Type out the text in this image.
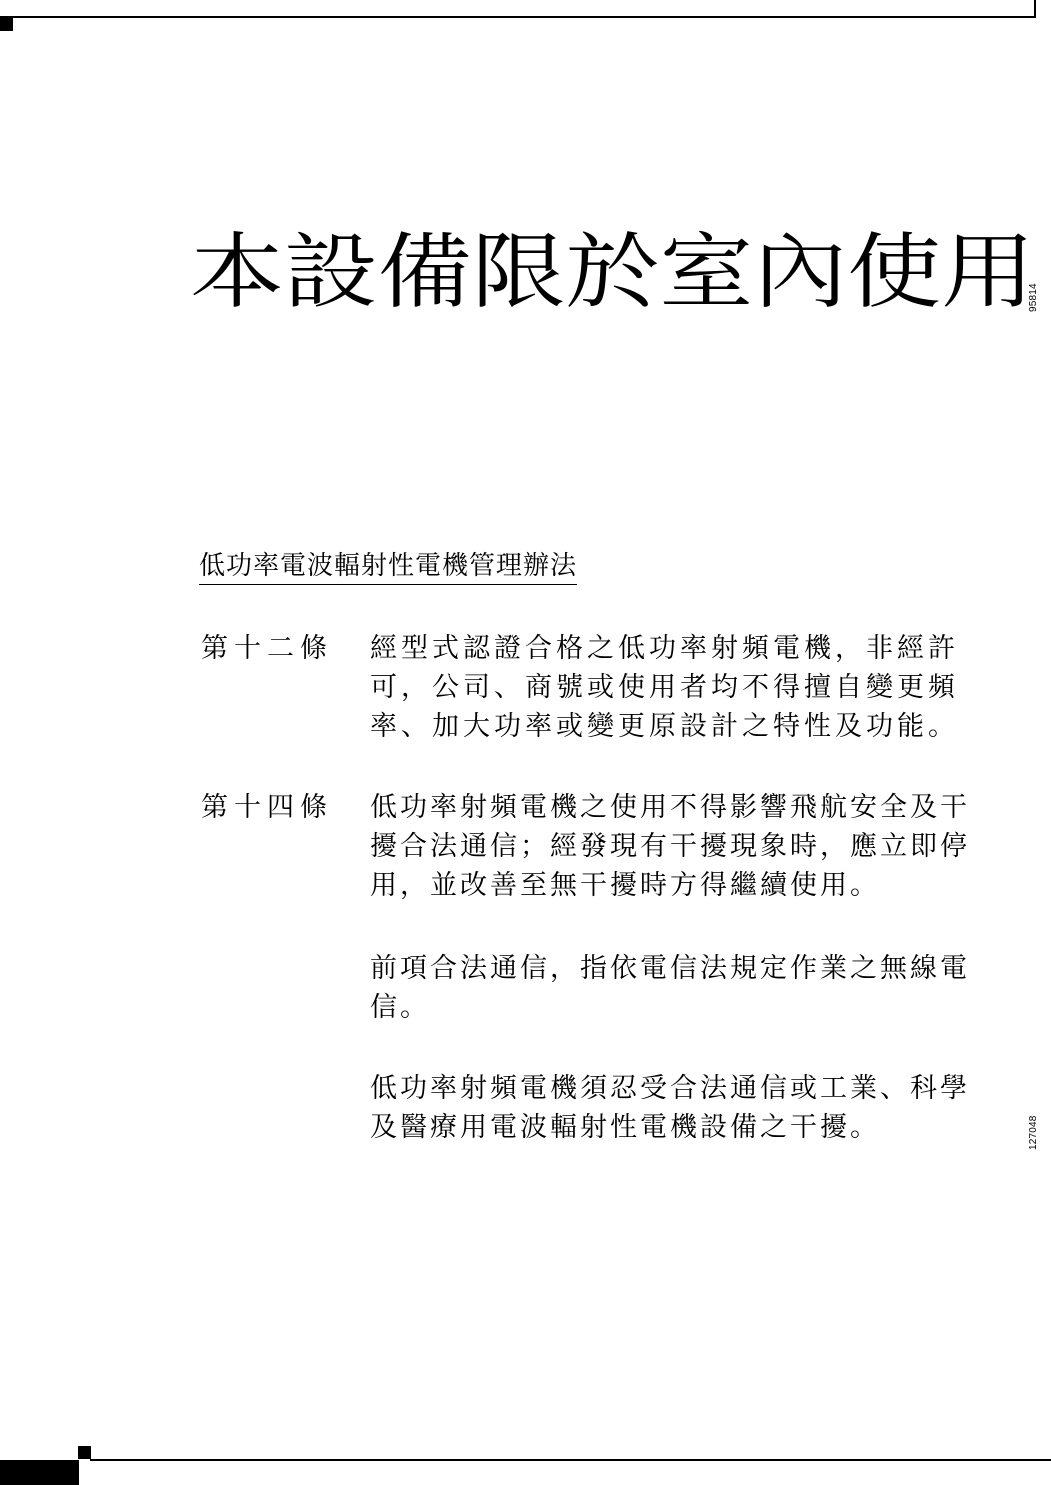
本設備限於室內使用
95814
低功率電波輻射性電機管理辦法
第十二條 經型式認證合格之低功率射頻電機，非經許
可，公司、商號或使用者均不得擅自變更頻
率、加大功率或變更原設計之特性及功能。
第十四條 低功率射頻電機之使用不得影響飛航安全及干
擾合法通信；經發現有干擾現象時，應立即停
用，並改善至無干擾時方得繼續使用。
前項合法通信，指依電信法規定作業之無線電
信。
低功率射頻電機須忍受合法通信或工業、科學
及醫療用電波輻射性電機設備之干擾。	127048
